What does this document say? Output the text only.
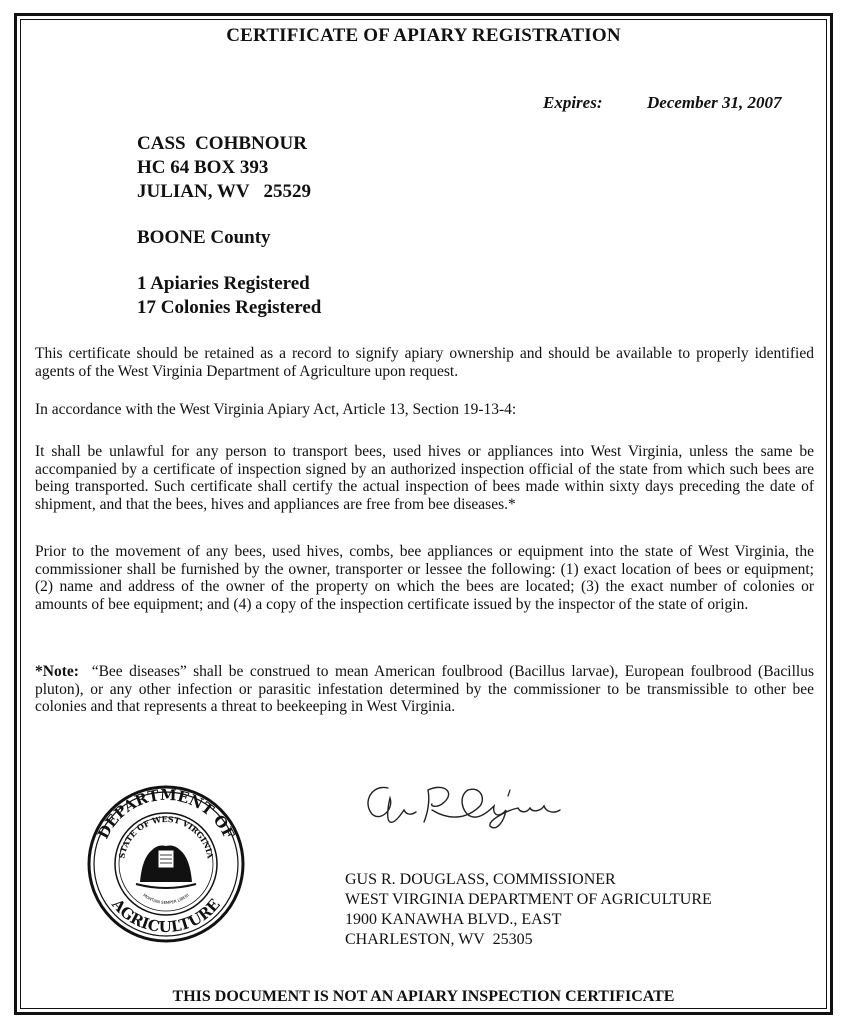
CERTIFICATE OF APIARY REGISTRATION
Expires:	December 31, 2007
CASS  COHBNOUR
HC 64 BOX 393
JULIAN, WV   25529
BOONE County
1 Apiaries Registered
17 Colonies Registered
This certificate should be retained as a record to signify apiary ownership and should be available to properly identified agents of the West Virginia Department of Agriculture upon request.
In accordance with the West Virginia Apiary Act, Article 13, Section 19-13-4:
It shall be unlawful for any person to transport bees, used hives or appliances into West Virginia, unless the same be accompanied by a certificate of inspection signed by an authorized inspection official of the state from which such bees are being transported. Such certificate shall certify the actual inspection of bees made within sixty days preceding the date of shipment, and that the bees, hives and appliances are free from bee diseases.*
Prior to the movement of any bees, used hives, combs, bee appliances or equipment into the state of West Virginia, the commissioner shall be furnished by the owner, transporter or lessee the following: (1) exact location of bees or equipment; (2) name and address of the owner of the property on which the bees are located; (3) the exact number of colonies or amounts of bee equipment; and (4) a copy of the inspection certificate issued by the inspector of the state of origin.
*Note:  “Bee diseases” shall be construed to mean American foulbrood (Bacillus larvae), European foulbrood (Bacillus pluton), or any other infection or parasitic infestation determined by the commissioner to be transmissible to other bee colonies and that represents a threat to beekeeping in West Virginia.
DEPARTMENT OF
AGRICULTURE
STATE OF WEST VIRGINIA
MONTANI SEMPER LIBERI
GUS R. DOUGLASS, COMMISSIONER
WEST VIRGINIA DEPARTMENT OF AGRICULTURE
1900 KANAWHA BLVD., EAST
CHARLESTON, WV  25305
THIS DOCUMENT IS NOT AN APIARY INSPECTION CERTIFICATE
